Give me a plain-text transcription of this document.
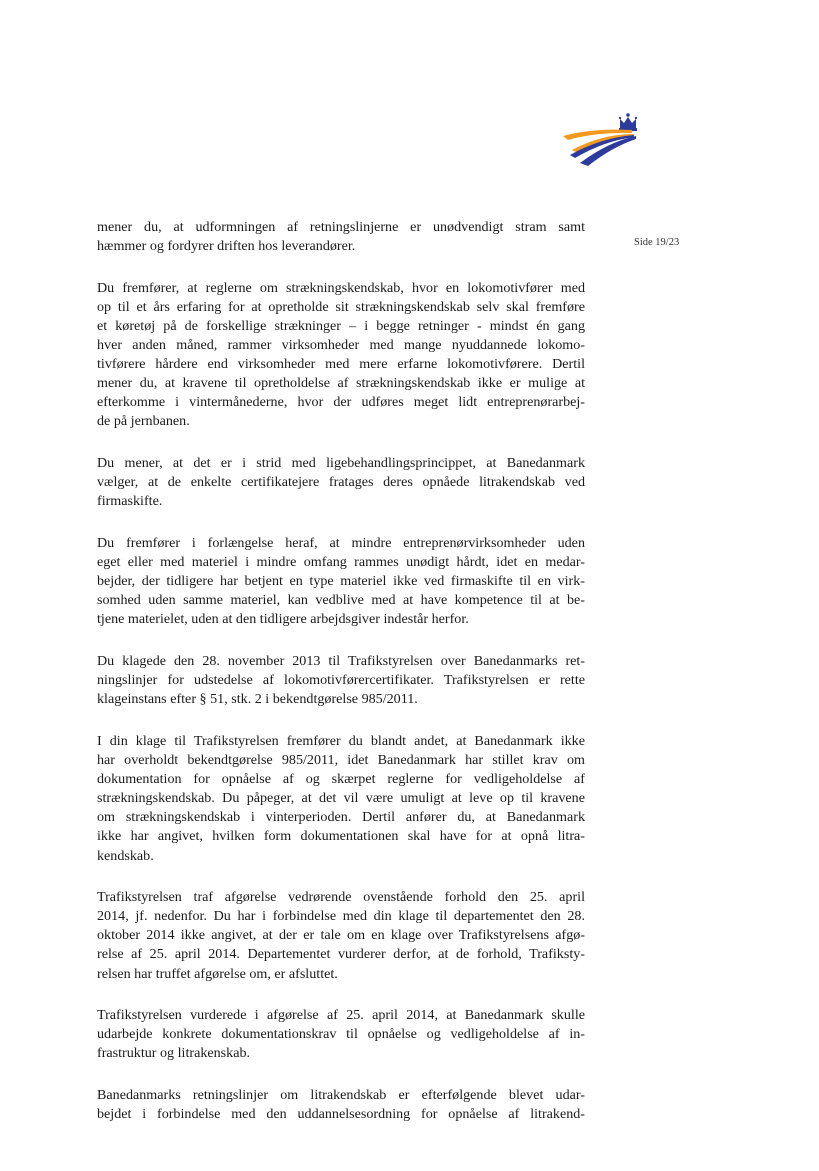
Side 19/23

mener du, at udformningen af retningslinjerne er unødvendigt stram samt
hæmmer og fordyrer driften hos leverandører.

Du fremfører, at reglerne om strækningskendskab, hvor en lokomotivfører med
op til et års erfaring for at opretholde sit strækningskendskab selv skal fremføre
et køretøj på de forskellige strækninger – i begge retninger - mindst én gang
hver anden måned, rammer virksomheder med mange nyuddannede lokomo-
tivførere hårdere end virksomheder med mere erfarne lokomotivførere. Dertil
mener du, at kravene til opretholdelse af strækningskendskab ikke er mulige at
efterkomme i vintermånederne, hvor der udføres meget lidt entreprenørarbej-
de på jernbanen.

Du mener, at det er i strid med ligebehandlingsprincippet, at Banedanmark
vælger, at de enkelte certifikatejere fratages deres opnåede litrakendskab ved
firmaskifte.

Du fremfører i forlængelse heraf, at mindre entreprenørvirksomheder uden
eget eller med materiel i mindre omfang rammes unødigt hårdt, idet en medar-
bejder, der tidligere har betjent en type materiel ikke ved firmaskifte til en virk-
somhed uden samme materiel, kan vedblive med at have kompetence til at be-
tjene materielet, uden at den tidligere arbejdsgiver indestår herfor.

Du klagede den 28. november 2013 til Trafikstyrelsen over Banedanmarks ret-
ningslinjer for udstedelse af lokomotivførercertifikater. Trafikstyrelsen er rette
klageinstans efter § 51, stk. 2 i bekendtgørelse 985/2011.

I din klage til Trafikstyrelsen fremfører du blandt andet, at Banedanmark ikke
har overholdt bekendtgørelse 985/2011, idet Banedanmark har stillet krav om
dokumentation for opnåelse af og skærpet reglerne for vedligeholdelse af
strækningskendskab. Du påpeger, at det vil være umuligt at leve op til kravene
om strækningskendskab i vinterperioden. Dertil anfører du, at Banedanmark
ikke har angivet, hvilken form dokumentationen skal have for at opnå litra-
kendskab.

Trafikstyrelsen traf afgørelse vedrørende ovenstående forhold den 25. april
2014, jf. nedenfor. Du har i forbindelse med din klage til departementet den 28.
oktober 2014 ikke angivet, at der er tale om en klage over Trafikstyrelsens afgø-
relse af 25. april 2014. Departementet vurderer derfor, at de forhold, Trafiksty-
relsen har truffet afgørelse om, er afsluttet.

Trafikstyrelsen vurderede i afgørelse af 25. april 2014, at Banedanmark skulle
udarbejde konkrete dokumentationskrav til opnåelse og vedligeholdelse af in-
frastruktur og litrakenskab.

Banedanmarks retningslinjer om litrakendskab er efterfølgende blevet udar-
bejdet i forbindelse med den uddannelsesordning for opnåelse af litrakend-
